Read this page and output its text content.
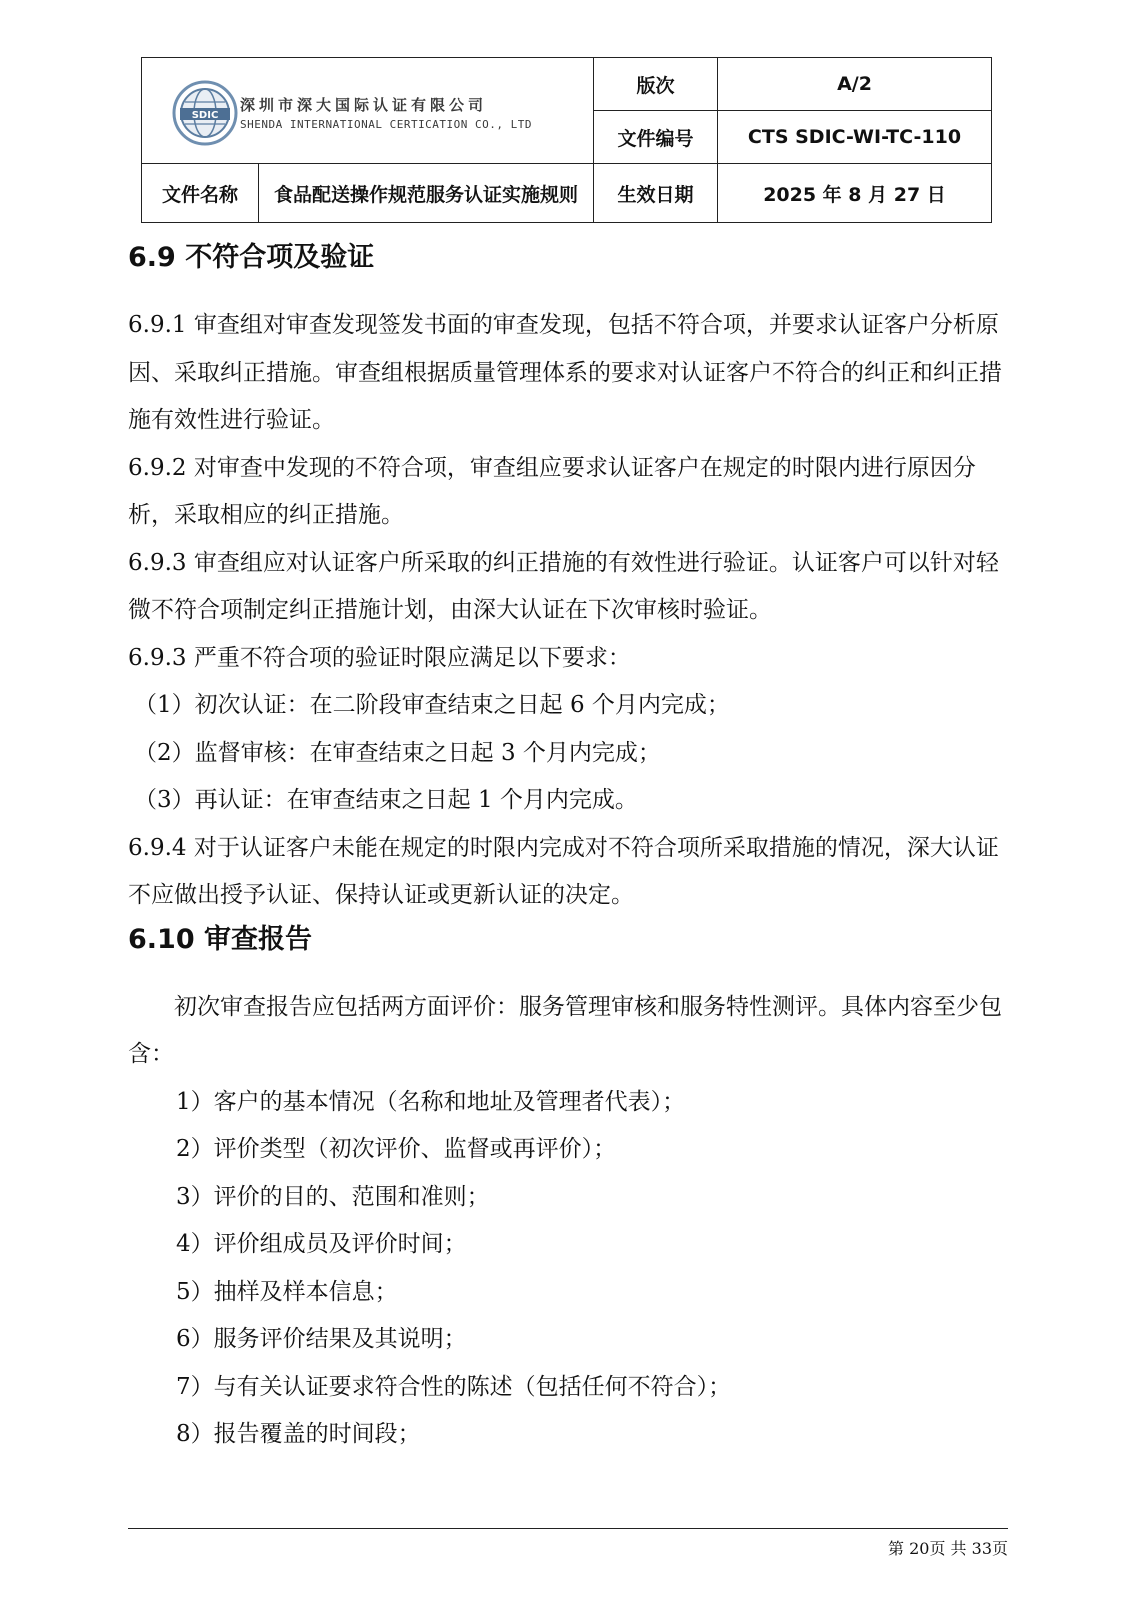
SDIC
深圳市深大国际认证有限公司
SHENDA INTERNATIONAL CERTICATION CO., LTD		版次	A/2
		文件编号	CTS SDIC-WI-TC-110
文件名称	食品配送操作规范服务认证实施规则	生效日期	2025 年 8 月 27 日
6.9 不符合项及验证

6.9.1 审查组对审查发现签发书面的审查发现，包括不符合项，并要求认证客户分析原因、采取纠正措施。审查组根据质量管理体系的要求对认证客户不符合的纠正和纠正措施有效性进行验证。

6.9.2 对审查中发现的不符合项，审查组应要求认证客户在规定的时限内进行原因分析，采取相应的纠正措施。

6.9.3 审查组应对认证客户所采取的纠正措施的有效性进行验证。认证客户可以针对轻微不符合项制定纠正措施计划，由深大认证在下次审核时验证。

6.9.3 严重不符合项的验证时限应满足以下要求：

（1）初次认证：在二阶段审查结束之日起 6 个月内完成；

（2）监督审核：在审查结束之日起 3 个月内完成；

（3）再认证：在审查结束之日起 1 个月内完成。

6.9.4 对于认证客户未能在规定的时限内完成对不符合项所采取措施的情况，深大认证不应做出授予认证、保持认证或更新认证的决定。

6.10 审查报告

初次审查报告应包括两方面评价：服务管理审核和服务特性测评。具体内容至少包含：

1）客户的基本情况（名称和地址及管理者代表）；

2）评价类型（初次评价、监督或再评价）；

3）评价的目的、范围和准则；

4）评价组成员及评价时间；

5）抽样及样本信息；

6）服务评价结果及其说明；

7）与有关认证要求符合性的陈述（包括任何不符合）；

8）报告覆盖的时间段；

第 20页 共 33页
